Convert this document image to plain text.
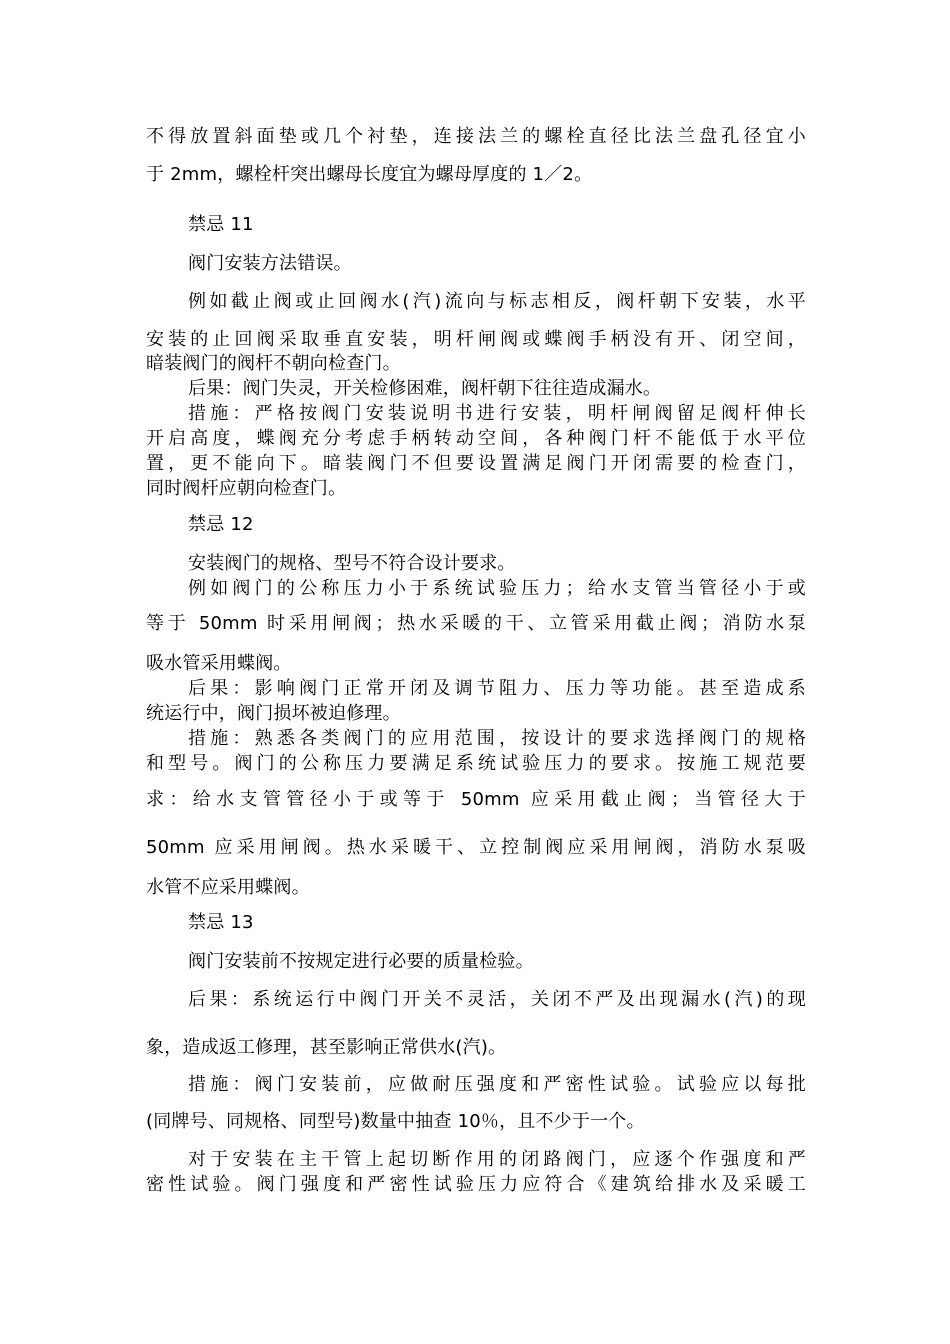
不得放置斜面垫或几个衬垫，连接法兰的螺栓直径比法兰盘孔径宜小
于 2mm，螺栓杆突出螺母长度宜为螺母厚度的 1／2。
禁忌 11
阀门安装方法错误。
例如截止阀或止回阀水(汽)流向与标志相反，阀杆朝下安装，水平
安装的止回阀采取垂直安装，明杆闸阀或蝶阀手柄没有开、闭空间，
暗装阀门的阀杆不朝向检查门。
后果：阀门失灵，开关检修困难，阀杆朝下往往造成漏水。
措施：严格按阀门安装说明书进行安装，明杆闸阀留足阀杆伸长
开启高度，蝶阀充分考虑手柄转动空间，各种阀门杆不能低于水平位
置，更不能向下。暗装阀门不但要设置满足阀门开闭需要的检查门，
同时阀杆应朝向检查门。
禁忌 12
安装阀门的规格、型号不符合设计要求。
例如阀门的公称压力小于系统试验压力；给水支管当管径小于或
等于 50mm 时采用闸阀；热水采暖的干、立管采用截止阀；消防水泵
吸水管采用蝶阀。
后果：影响阀门正常开闭及调节阻力、压力等功能。甚至造成系
统运行中，阀门损坏被迫修理。
措施：熟悉各类阀门的应用范围，按设计的要求选择阀门的规格
和型号。阀门的公称压力要满足系统试验压力的要求。按施工规范要
求：给水支管管径小于或等于 50mm 应采用截止阀；当管径大于
50mm 应采用闸阀。热水采暖干、立控制阀应采用闸阀，消防水泵吸
水管不应采用蝶阀。
禁忌 13
阀门安装前不按规定进行必要的质量检验。
后果：系统运行中阀门开关不灵活，关闭不严及出现漏水(汽)的现
象，造成返工修理，甚至影响正常供水(汽)。
措施：阀门安装前，应做耐压强度和严密性试验。试验应以每批
(同牌号、同规格、同型号)数量中抽查 10％，且不少于一个。
对于安装在主干管上起切断作用的闭路阀门，应逐个作强度和严
密性试验。阀门强度和严密性试验压力应符合《建筑给排水及采暖工
